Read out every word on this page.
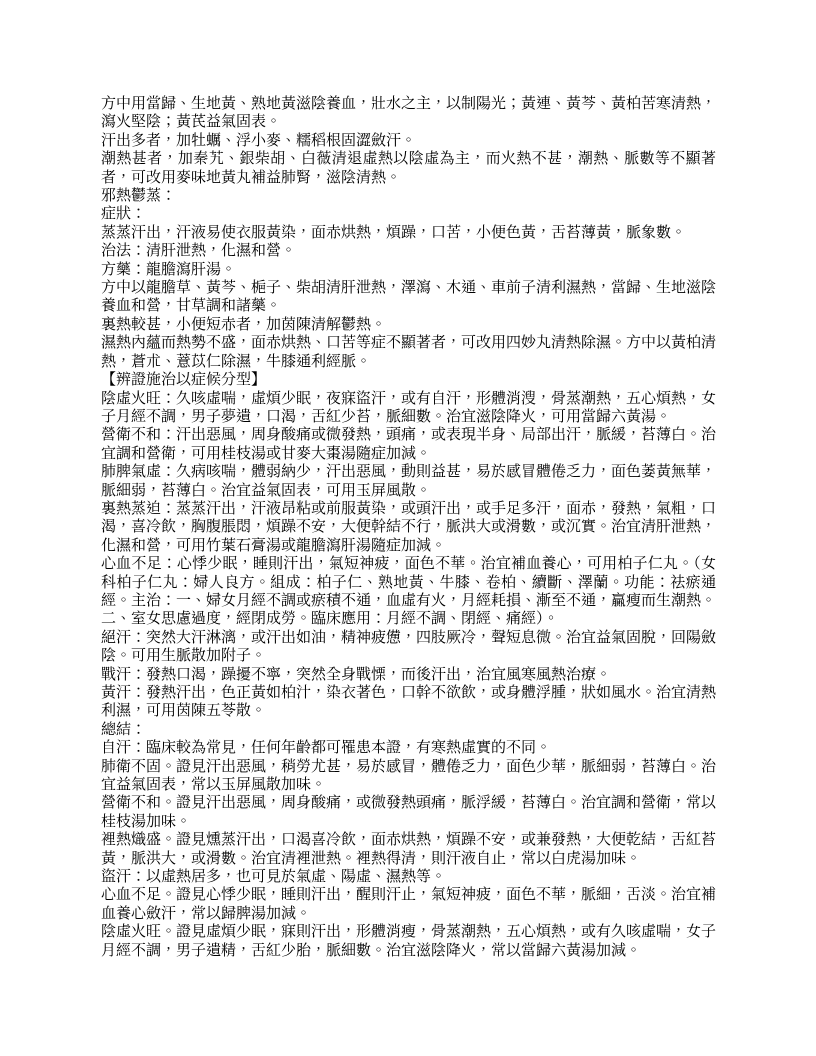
方中用當歸、生地黃、熟地黃滋陰養血，壯水之主，以制陽光；黃連、黃芩、黃柏苦寒清熱，瀉火堅陰；黃芪益氣固表。

汗出多者，加牡蠣、浮小麥、糯稻根固澀斂汗。

潮熱甚者，加秦艽、銀柴胡、白薇清退虛熱以陰虛為主，而火熱不甚，潮熱、脈數等不顯著者，可改用麥味地黃丸補益肺腎，滋陰清熱。

邪熱鬱蒸：

症狀：

蒸蒸汗出，汗液易使衣服黃染，面赤烘熱，煩躁，口苦，小便色黃，舌苔薄黃，脈象數。

治法：清肝泄熱，化濕和營。

方藥：龍膽瀉肝湯。

方中以龍膽草、黃芩、梔子、柴胡清肝泄熱，澤瀉、木通、車前子清利濕熱，當歸、生地滋陰養血和營，甘草調和諸藥。

裏熱較甚，小便短赤者，加茵陳清解鬱熱。

濕熱內蘊而熱勢不盛，面赤烘熱、口苦等症不顯著者，可改用四妙丸清熱除濕。方中以黃柏清熱，蒼朮、薏苡仁除濕，牛膝通利經脈。

【辨證施治以症候分型】

陰虛火旺：久咳虛喘，虛煩少眠，夜寐盜汗，或有自汗，形體消溲，骨蒸潮熱，五心煩熱，女子月經不調，男子夢遺，口渴，舌紅少苔，脈細數。治宜滋陰降火，可用當歸六黃湯。

營衛不和：汗出惡風，周身酸痛或微發熱，頭痛，或表現半身、局部出汗，脈緩，苔薄白。治宜調和營衛，可用桂枝湯或甘麥大棗湯隨症加減。

肺脾氣虛：久病咳喘，體弱納少，汗出惡風，動則益甚，易於感冒體倦乏力，面色萎黃無華，脈細弱，苔薄白。治宜益氣固表，可用玉屏風散。

裏熱蒸迫：蒸蒸汗出，汗液昂粘或前服黃染，或頭汗出，或手足多汗，面赤，發熱，氣粗，口渴，喜冷飲，胸腹脹悶，煩躁不安，大便幹結不行，脈洪大或滑數，或沉實。治宜清肝泄熱，化濕和營，可用竹葉石膏湯或龍膽瀉肝湯隨症加減。

心血不足：心悸少眠，睡則汗出，氣短神疲，面色不華。治宜補血養心，可用柏子仁丸。（女科柏子仁丸：婦人良方。組成：柏子仁、熟地黃、牛膝、卷柏、續斷、澤蘭。功能：祛瘀通經。主治：一、婦女月經不調或瘀積不通，血虛有火，月經耗損、漸至不通，贏瘦而生潮熱。二、室女思慮過度，經閉成勞。臨床應用：月經不調、閉經、痛經）。

絕汗：突然大汗淋漓，或汗出如油，精神疲憊，四肢厥冷，聲短息微。治宜益氣固脫，回陽斂陰。可用生脈散加附子。

戰汗：發熱口渴，躁擾不寧，突然全身戰慄，而後汗出，治宜風寒風熱治療。

黃汗：發熱汗出，色正黃如柏汁，染衣著色，口幹不欲飲，或身體浮腫，狀如風水。治宜清熱利濕，可用茵陳五苓散。

總結：

自汗：臨床較為常見，任何年齡都可罹患本證，有寒熱虛實的不同。

肺衛不固。證見汗出惡風，稍勞尤甚，易於感冒，體倦乏力，面色少華，脈細弱，苔薄白。治宜益氣固表，常以玉屏風散加味。

營衛不和。證見汗出惡風，周身酸痛，或微發熱頭痛，脈浮緩，苔薄白。治宜調和營衛，常以桂枝湯加味。

裡熱熾盛。證見燻蒸汗出，口渴喜冷飲，面赤烘熱，煩躁不安，或兼發熱，大便乾結，舌紅苔黃，脈洪大，或滑數。治宜清裡泄熱。裡熱得清，則汗液自止，常以白虎湯加味。

盜汗：以虛熱居多，也可見於氣虛、陽虛、濕熱等。

心血不足。證見心悸少眠，睡則汗出，醒則汗止，氣短神疲，面色不華，脈細，舌淡。治宜補血養心斂汗，常以歸脾湯加減。

陰虛火旺。證見虛煩少眠，寐則汗出，形體消瘦，骨蒸潮熱，五心煩熱，或有久咳虛喘，女子月經不調，男子遺精，舌紅少胎，脈細數。治宜滋陰降火，常以當歸六黃湯加減。
